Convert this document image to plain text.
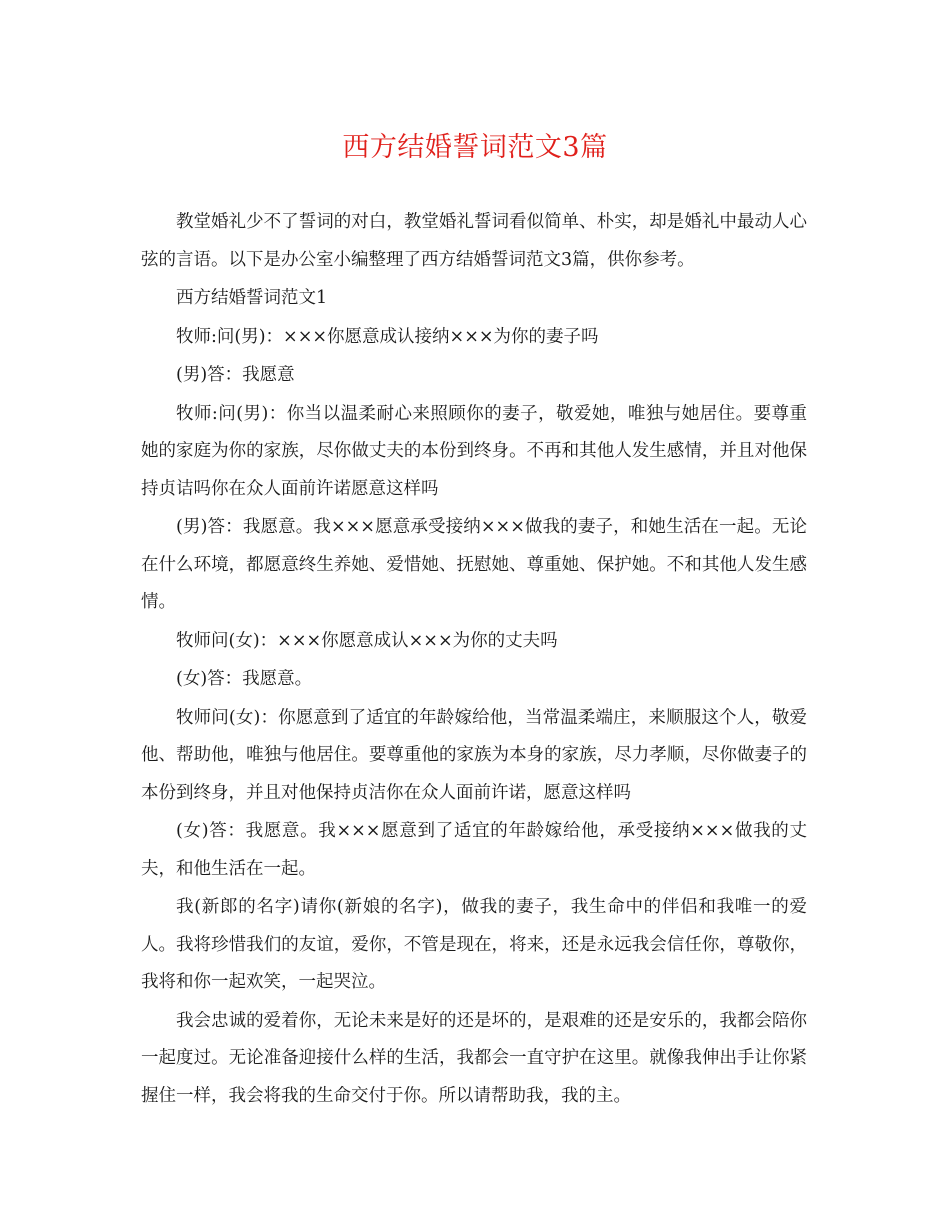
西方结婚誓词范文3篇

教堂婚礼少不了誓词的对白，教堂婚礼誓词看似简单、朴实，却是婚礼中最动人心弦的言语。以下是办公室小编整理了西方结婚誓词范文3篇，供你参考。

西方结婚誓词范文1

牧师:问(男)：×××你愿意成认接纳×××为你的妻子吗

(男)答：我愿意

牧师:问(男)：你当以温柔耐心来照顾你的妻子，敬爱她，唯独与她居住。要尊重她的家庭为你的家族，尽你做丈夫的本份到终身。不再和其他人发生感情，并且对他保持贞诘吗你在众人面前许诺愿意这样吗

(男)答：我愿意。我×××愿意承受接纳×××做我的妻子，和她生活在一起。无论在什么环境，都愿意终生养她、爱惜她、抚慰她、尊重她、保护她。不和其他人发生感情。

牧师问(女)：×××你愿意成认×××为你的丈夫吗

(女)答：我愿意。

牧师问(女)：你愿意到了适宜的年龄嫁给他，当常温柔端庄，来顺服这个人，敬爱他、帮助他，唯独与他居住。要尊重他的家族为本身的家族，尽力孝顺，尽你做妻子的本份到终身，并且对他保持贞洁你在众人面前许诺，愿意这样吗

(女)答：我愿意。我×××愿意到了适宜的年龄嫁给他，承受接纳×××做我的丈夫，和他生活在一起。

我(新郎的名字)请你(新娘的名字)，做我的妻子，我生命中的伴侣和我唯一的爱人。我将珍惜我们的友谊，爱你，不管是现在，将来，还是永远我会信任你，尊敬你，我将和你一起欢笑，一起哭泣。

我会忠诚的爱着你，无论未来是好的还是坏的，是艰难的还是安乐的，我都会陪你一起度过。无论准备迎接什么样的生活，我都会一直守护在这里。就像我伸出手让你紧握住一样，我会将我的生命交付于你。所以请帮助我，我的主。
